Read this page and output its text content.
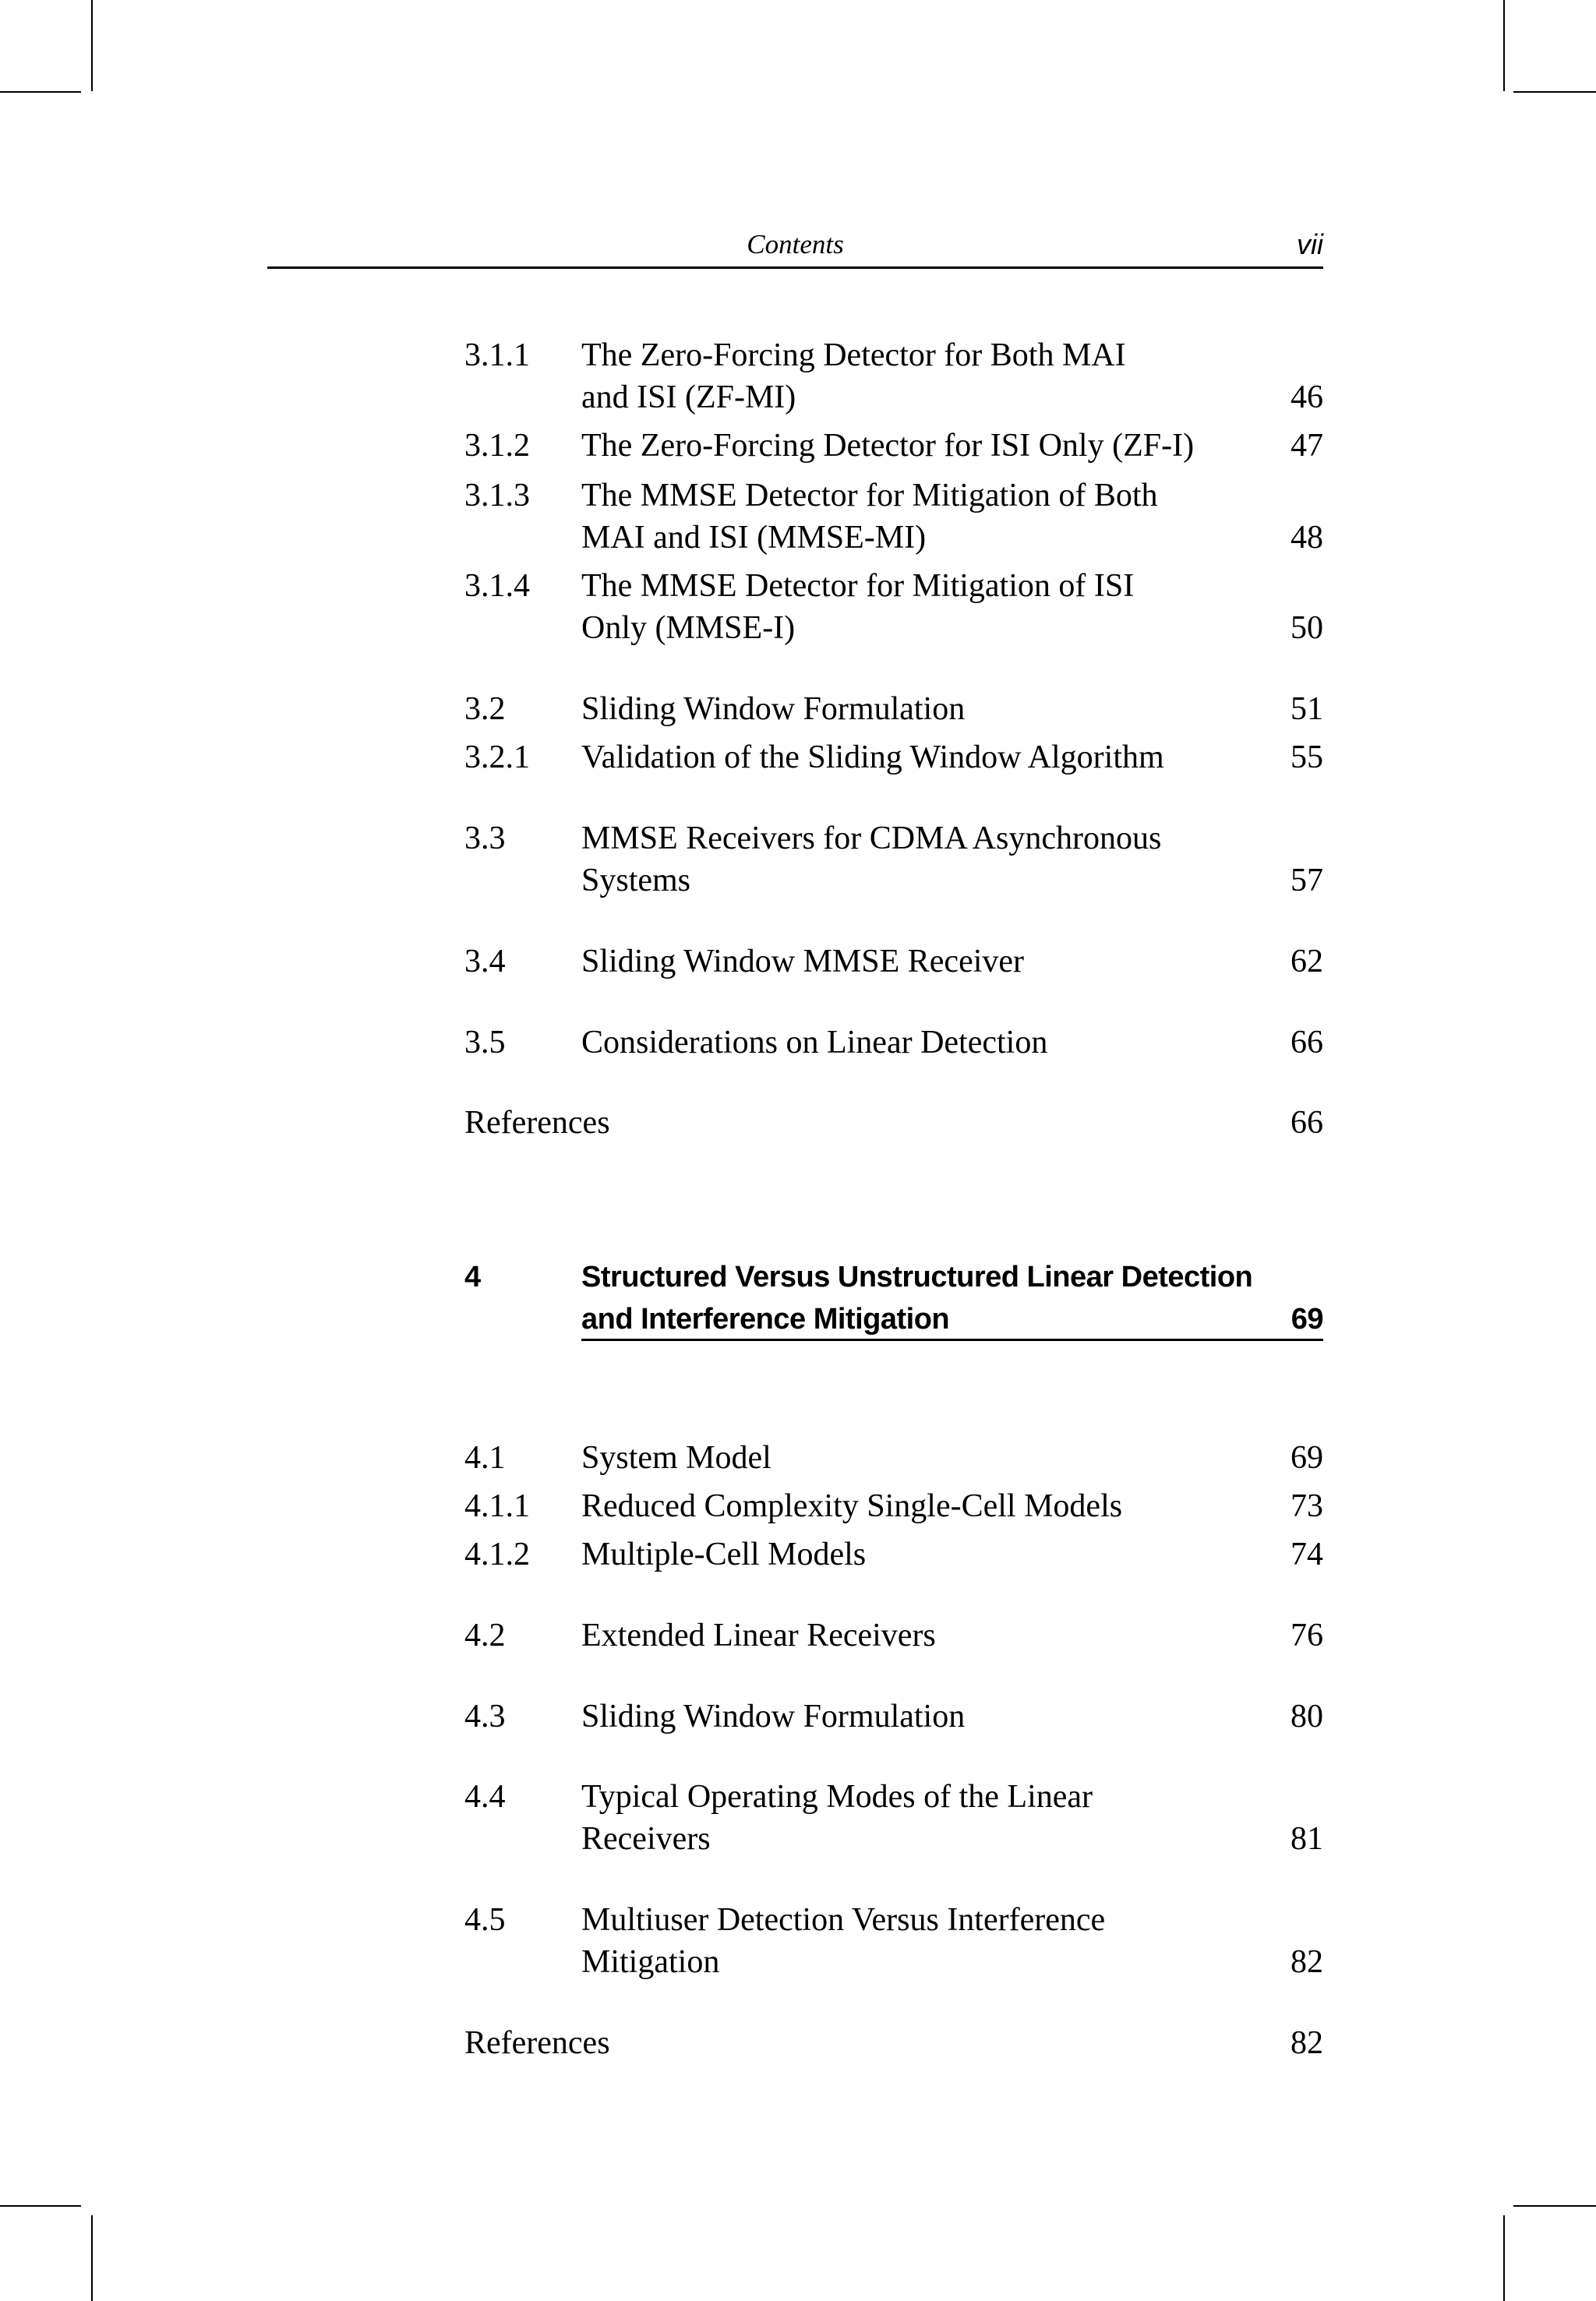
Contents	vii
3.1.1 The Zero-Forcing Detector for Both MAI
and ISI (ZF-MI)	46
3.1.2 The Zero-Forcing Detector for ISI Only (ZF-I)	47
3.1.3 The MMSE Detector for Mitigation of Both
MAI and ISI (MMSE-MI)	48
3.1.4 The MMSE Detector for Mitigation of ISI
Only (MMSE-I)	50
3.2 Sliding Window Formulation	51
3.2.1 Validation of the Sliding Window Algorithm	55
3.3 MMSE Receivers for CDMA Asynchronous
Systems	57
3.4 Sliding Window MMSE Receiver	62
3.5 Considerations on Linear Detection	66
References	66
4	Structured Versus Unstructured Linear Detection
and Interference Mitigation	69
4.1 System Model	69
4.1.1 Reduced Complexity Single-Cell Models	73
4.1.2 Multiple-Cell Models	74
4.2 Extended Linear Receivers	76
4.3 Sliding Window Formulation	80
4.4 Typical Operating Modes of the Linear
Receivers	81
4.5 Multiuser Detection Versus Interference
Mitigation	82
References	82
